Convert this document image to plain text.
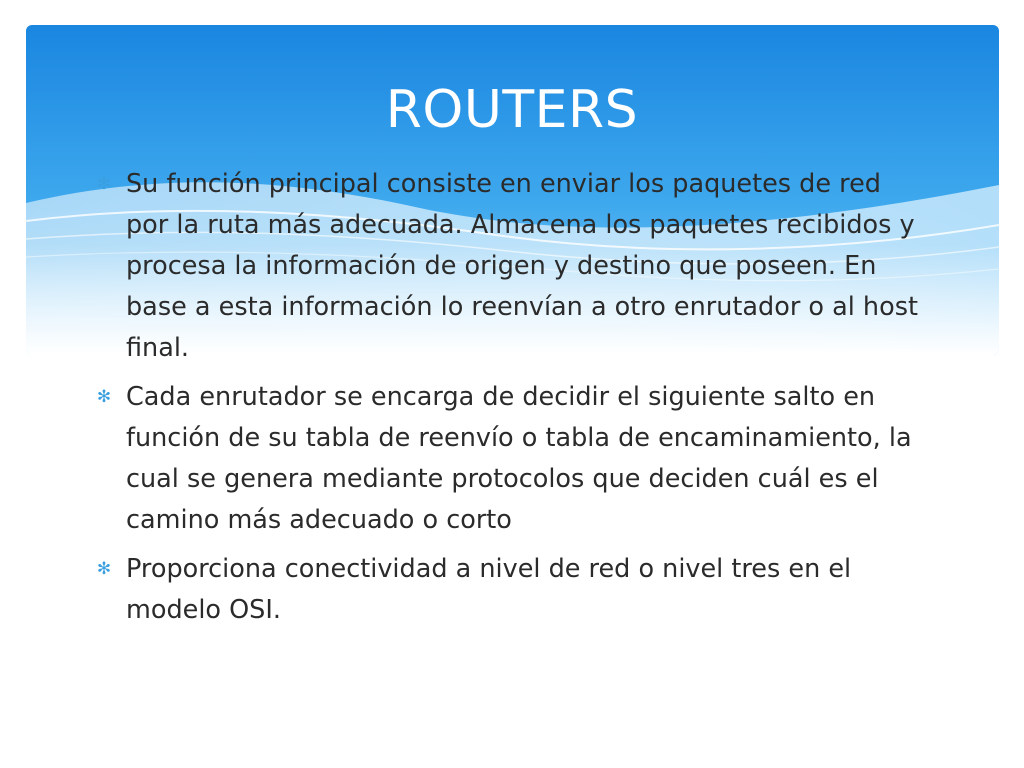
ROUTERS
✻ Su función principal consiste en enviar los paquetes de red por la ruta más adecuada. Almacena los paquetes recibidos y procesa la información de origen y destino que poseen. En base a esta información lo reenvían a otro enrutador o al host final.
✻ Cada enrutador se encarga de decidir el siguiente salto en función de su tabla de reenvío o tabla de encaminamiento, la cual se genera mediante protocolos que deciden cuál es el camino más adecuado o corto
✻ Proporciona conectividad a nivel de red o nivel tres en el modelo OSI.
